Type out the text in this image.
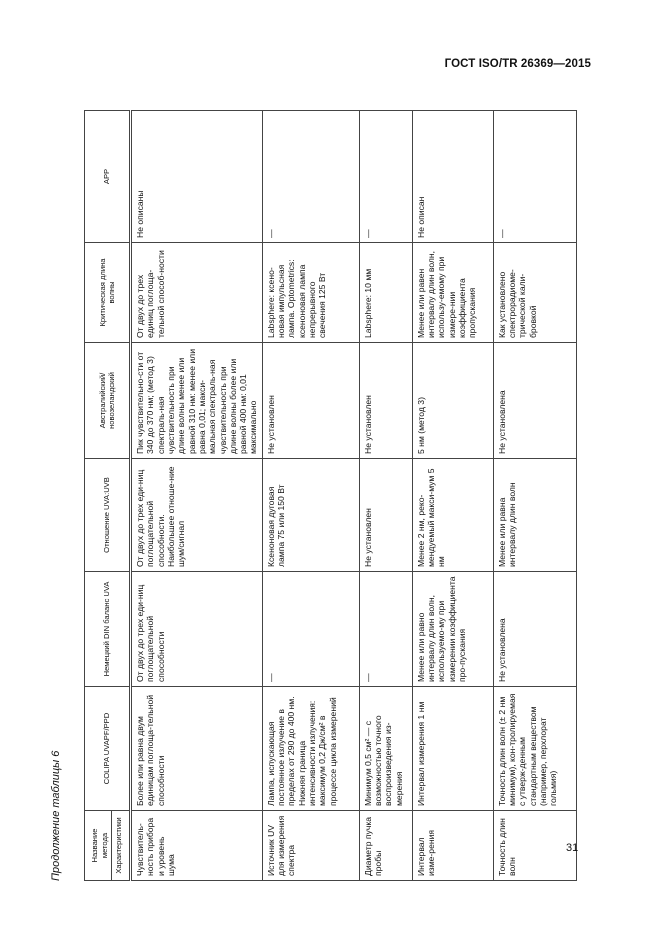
ГОСТ ISO/TR 26369—2015
Продолжение таблицы 6	Название метода Характеристики	COLIPA UVAPF/PPD	Немецкий DIN баланс UVA	Отношение UVA:UVB	Австралийский/ новозеландский	Критическая длина волны	APP
Чувствитель-ность прибора и уровень шума	Более или равна двум единицам поглоща-тельной способности	От двух до трех еди-ниц поглощательной способности	От двух до трех еди-ниц поглощательной способности. Наибольшее отноше-ние шум/сигнал	Пик чувствительно-сти от 340 до 370 нм; (метод 3) спектраль-ная чувствительность при длине волны менее или равной 310 нм: менее или равна 0,01; макси-мальная спектраль-ная чувствительность при длине волны более или равной 400 нм: 0,01 максимально	От двух до трех единиц поглоща-тельной способ-ности	Не описаны
Источник UV для измерения спектра	Лампа, испускающая постоянное излучение в пределах от 290 до 400 нм. Нижняя граница интенсивности излучения: максимум 0,2 Дж/см² в процессе цикла измерений	—	Ксеноновая дуговая лампа 75 или 150 Вт	Не установлен	Labsphere: ксено-новая импульсная лампа. Optometrics: ксеноновая лампа непрерывного свечения 125 Вт	—
Диаметр пучка пробы	Минимум 0,5 см² — с возможностью точного воспроизведения из-мерения	—	Не установлен	Не установлен	Labsphere: 10 мм	—
Интервал изме-рения	Интервал измерения 1 нм	Менее или равно интервалу длин волн, используемо-му при измерении коэффициента про-пускания	Менее 2 нм, реко-мендуемый макси-мум 5 нм	5 нм (метод 3)	Менее или равен интервалу длин волн, использу-емому при измере-нии коэффициента пропускания	Не описан
Точность длин волн	Точность длин волн (± 2 нм минимум), кон-тролируемая с утверж-денным стандартным веществом (например, перхлорат гольмия)	Не установлена	Менее или равна интервалу длин волн	Не установлена	Как установлено спектрорадиоме-трической кали-бровкой	—
31
